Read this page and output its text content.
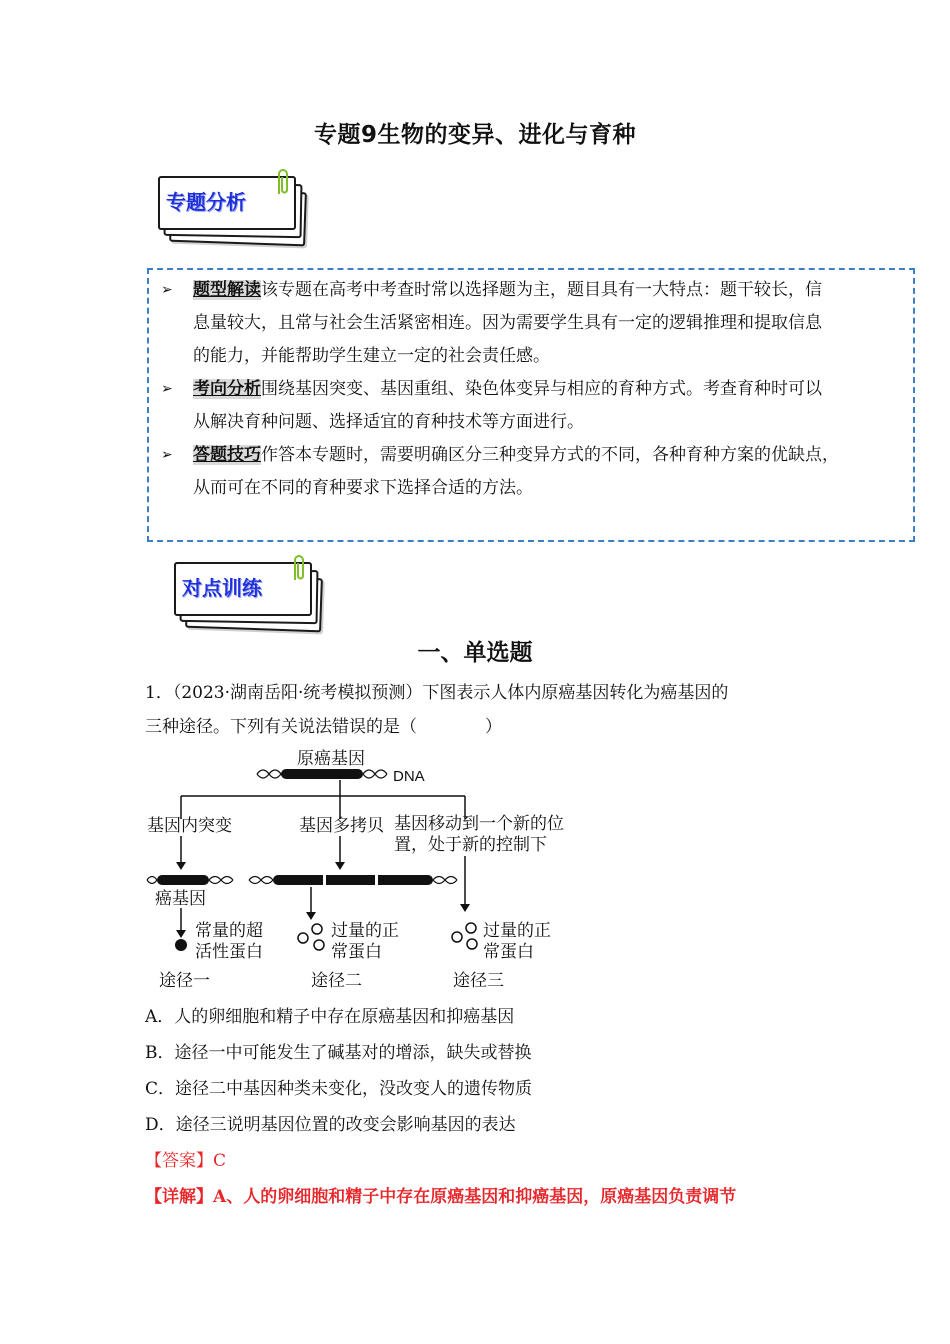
专题9生物的变异、进化与育种
专题分析
➢	题型解读该专题在高考中考查时常以选择题为主，题目具有一大特点：题干较长，信
息量较大，且常与社会生活紧密相连。因为需要学生具有一定的逻辑推理和提取信息
的能力，并能帮助学生建立一定的社会责任感。
➢	考向分析围绕基因突变、基因重组、染色体变异与相应的育种方式。考查育种时可以
从解决育种问题、选择适宜的育种技术等方面进行。
➢	答题技巧作答本专题时，需要明确区分三种变异方式的不同，各种育种方案的优缺点，
从而可在不同的育种要求下选择合适的方法。
对点训练
一、单选题
1．（2023·湖南岳阳·统考模拟预测）下图表示人体内原癌基因转化为癌基因的
三种途径。下列有关说法错误的是（　　　　）
原癌基因
DNA
基因内突变	基因多拷贝 基因移动到一个新的位
置，处于新的控制下
癌基因
常量的超
活性蛋白
过量的正
常蛋白
过量的正
常蛋白
途径一	途径二	途径三
A．人的卵细胞和精子中存在原癌基因和抑癌基因
B．途径一中可能发生了碱基对的增添，缺失或替换
C．途径二中基因种类未变化，没改变人的遗传物质
D．途径三说明基因位置的改变会影响基因的表达
【答案】C
【详解】A、人的卵细胞和精子中存在原癌基因和抑癌基因，原癌基因负责调节
